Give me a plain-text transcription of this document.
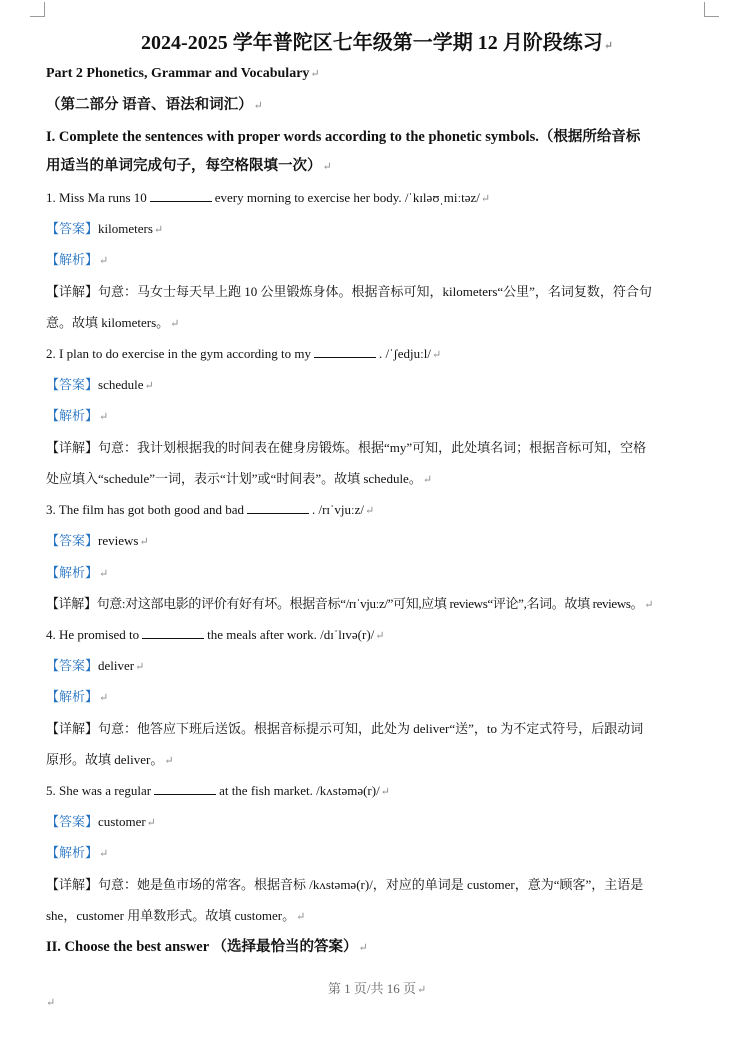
2024-2025 学年普陀区七年级第一学期 12 月阶段练习↵
Part 2 Phonetics, Grammar and Vocabulary↵
（第二部分 语音、语法和词汇）↵
I. Complete the sentences with proper words according to the phonetic symbols.（根据所给音标
用适当的单词完成句子，每空格限填一次）↵
1. Miss Ma runs 10	every morning to exercise her body. /ˈkɪləʊˌmiːtəz/↵
【答案】kilometers↵
【解析】↵
【详解】句意：马女士每天早上跑 10 公里锻炼身体。根据音标可知，kilometers“公里”，名词复数，符合句
意。故填 kilometers。↵
2. I plan to do exercise in the gym according to my	. /ˈʃedjuːl/↵
【答案】schedule↵
【解析】↵
【详解】句意：我计划根据我的时间表在健身房锻炼。根据“my”可知，此处填名词；根据音标可知，空格
处应填入“schedule”一词，表示“计划”或“时间表”。故填 schedule。↵
3. The film has got both good and bad	. /rɪˈvjuːz/↵
【答案】reviews↵
【解析】↵
【详解】句意:对这部电影的评价有好有坏。根据音标“/rɪˈvjuːz/”可知,应填 reviews“评论”,名词。故填 reviews。↵
4. He promised to	the meals after work. /dɪˈlɪvə(r)/↵
【答案】deliver↵
【解析】↵
【详解】句意：他答应下班后送饭。根据音标提示可知，此处为 deliver“送”，to 为不定式符号，后跟动词
原形。故填 deliver。↵
5. She was a regular	at the fish market. /kʌstəmə(r)/↵
【答案】customer↵
【解析】↵
【详解】句意：她是鱼市场的常客。根据音标 /kʌstəmə(r)/，对应的单词是 customer，意为“顾客”，主语是
she，customer 用单数形式。故填 customer。↵
II. Choose the best answer （选择最恰当的答案）↵
第 1 页/共 16 页↵
↵
